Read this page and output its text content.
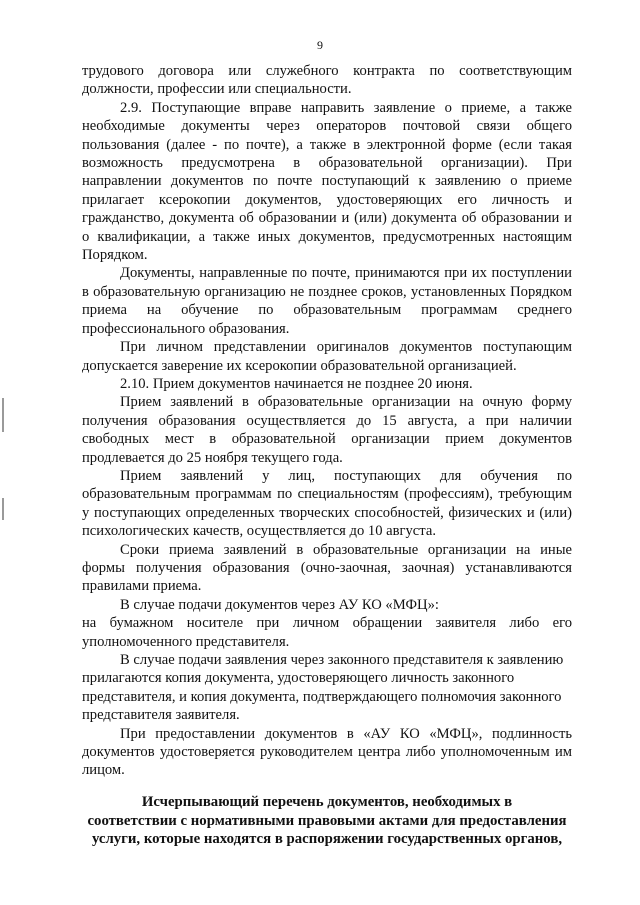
9

трудового договора или служебного контракта по соответствующим должности, профессии или специальности.

2.9. Поступающие вправе направить заявление о приеме, а также необходимые документы через операторов почтовой связи общего пользования (далее - по почте), а также в электронной форме (если такая возможность предусмотрена в образовательной организации). При направлении документов по почте поступающий к заявлению о приеме прилагает ксерокопии документов, удостоверяющих его личность и гражданство, документа об образовании и (или) документа об образовании и о квалификации, а также иных документов, предусмотренных настоящим Порядком.

Документы, направленные по почте, принимаются при их поступлении в образовательную организацию не позднее сроков, установленных Порядком приема на обучение по образовательным программам среднего профессионального образования.

При личном представлении оригиналов документов поступающим допускается заверение их ксерокопии образовательной организацией.

2.10. Прием документов начинается не позднее 20 июня.

Прием заявлений в образовательные организации на очную форму получения образования осуществляется до 15 августа, а при наличии свободных мест в образовательной организации прием документов продлевается до 25 ноября текущего года.

Прием заявлений у лиц, поступающих для обучения по образовательным программам по специальностям (профессиям), требующим у поступающих определенных творческих способностей, физических и (или) психологических качеств, осуществляется до 10 августа.

Сроки приема заявлений в образовательные организации на иные формы получения образования (очно-заочная, заочная) устанавливаются правилами приема.

В случае подачи документов через АУ КО «МФЦ»:

на бумажном носителе при личном обращении заявителя либо его уполномоченного представителя.

В случае подачи заявления через законного представителя к заявлению прилагаются копия документа, удостоверяющего личность законного представителя, и копия документа, подтверждающего полномочия законного представителя заявителя.

При предоставлении документов в «АУ КО «МФЦ», подлинность документов удостоверяется руководителем центра либо уполномоченным им лицом.

Исчерпывающий перечень документов, необходимых в
соответствии с нормативными правовыми актами для предоставления
услуги, которые находятся в распоряжении государственных органов,
